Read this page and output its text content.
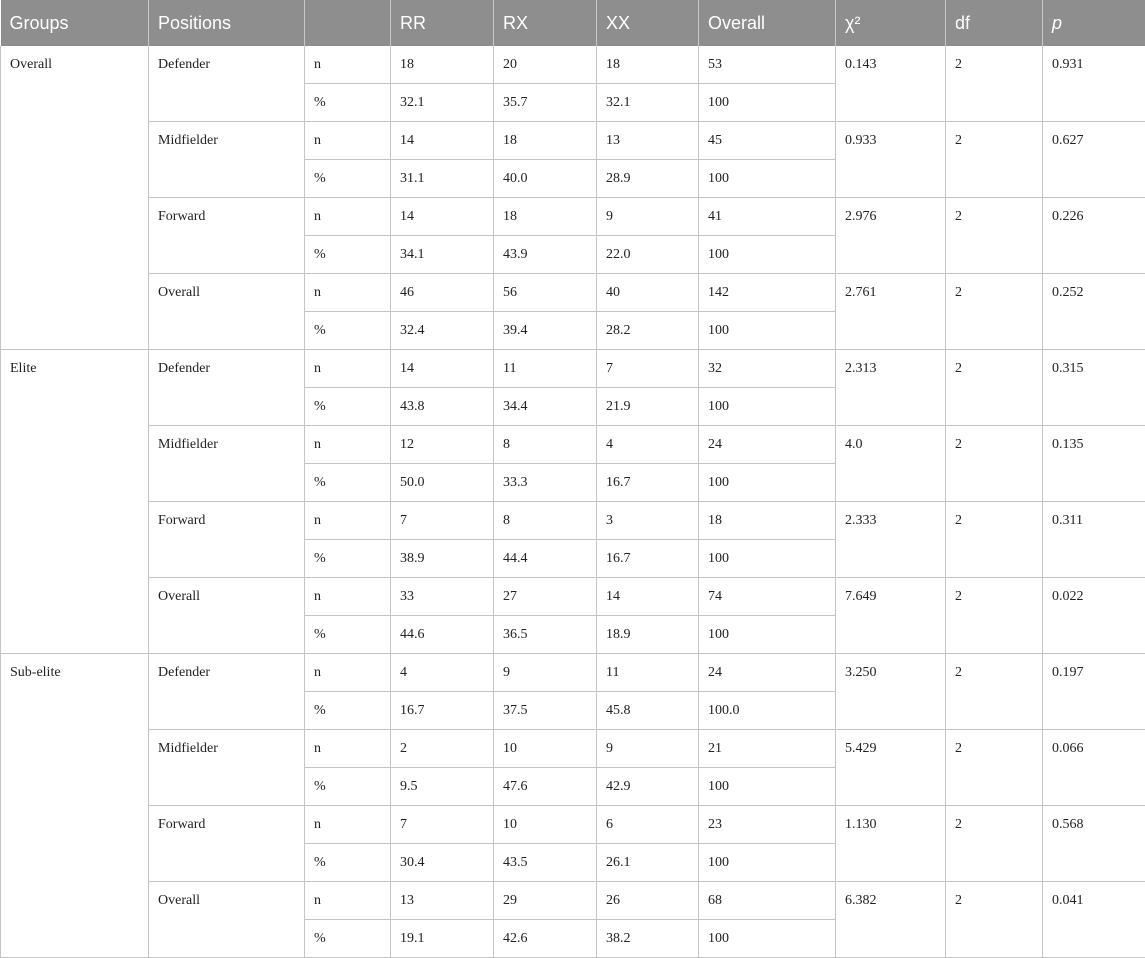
Groups	Positions		RR	RX	XX	Overall	χ²	df	p
Overall	Defender	n	18	20	18	53	0.143	2	0.931
		%	32.1	35.7	32.1	100			
	Midfielder	n	14	18	13	45	0.933	2	0.627
		%	31.1	40.0	28.9	100			
	Forward	n	14	18	9	41	2.976	2	0.226
		%	34.1	43.9	22.0	100			
	Overall	n	46	56	40	142	2.761	2	0.252
		%	32.4	39.4	28.2	100			
Elite	Defender	n	14	11	7	32	2.313	2	0.315
		%	43.8	34.4	21.9	100			
	Midfielder	n	12	8	4	24	4.0	2	0.135
		%	50.0	33.3	16.7	100			
	Forward	n	7	8	3	18	2.333	2	0.311
		%	38.9	44.4	16.7	100			
	Overall	n	33	27	14	74	7.649	2	0.022
		%	44.6	36.5	18.9	100			
Sub-elite	Defender	n	4	9	11	24	3.250	2	0.197
		%	16.7	37.5	45.8	100.0			
	Midfielder	n	2	10	9	21	5.429	2	0.066
		%	9.5	47.6	42.9	100			
	Forward	n	7	10	6	23	1.130	2	0.568
		%	30.4	43.5	26.1	100			
	Overall	n	13	29	26	68	6.382	2	0.041
		%	19.1	42.6	38.2	100			
